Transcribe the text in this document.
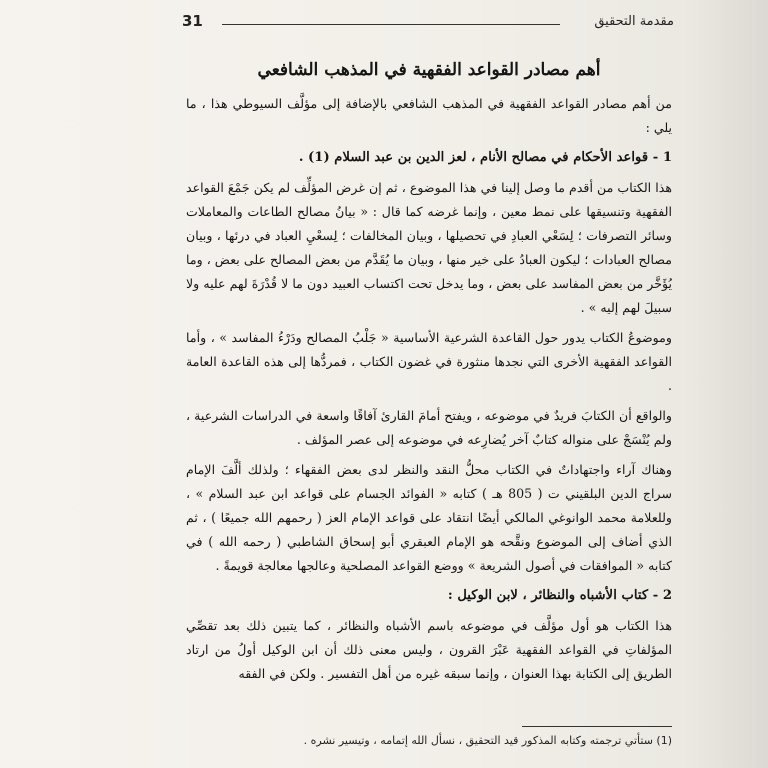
31	مقدمة التحقيق
أهم مصادر القواعد الفقهية في المذهب الشافعي

من أهم مصادر القواعد الفقهية في المذهب الشافعي بالإضافة إلى مؤلَّف السيوطي هذا ، ما يلي :

1 - قواعد الأحكام في مصالح الأنام ، لعز الدين بن عبد السلام (1) .

هذا الكتاب من أقدم ما وصل إلينا في هذا الموضوع ، ثم إن غرض المؤلِّف لم يكن جَمْعَ القواعد الفقهية وتنسيقها على نمط معين ، وإنما غرضه كما قال : « بيانُ مصالح الطاعات والمعاملات وسائر التصرفات ؛ لِسَعْي العبادِ في تحصيلها ، وبيان المخالفات ؛ لِسعْيِ العباد في درئها ، وبيان مصالح العبادات ؛ ليكون العبادُ على خير منها ، وبيان ما يُقَدَّم من بعض المصالح على بعض ، وما يُؤَخَّر من بعض المفاسد على بعض ، وما يدخل تحت اكتساب العبيد دون ما لا قُدْرَةَ لهم عليه ولا سبيلَ لهم إليه » .

وموضوعُ الكتاب يدور حول القاعدة الشرعية الأساسية « جَلْبُ المصالح ودَرْءُ المفاسد » ، وأما القواعد الفقهية الأخرى التي نجدها منثورة في غضون الكتاب ، فمردُّها إلى هذه القاعدة العامة .

والواقع أن الكتابَ فريدٌ في موضوعه ، ويفتح أمامَ القارئ آفاقًا واسعة في الدراسات الشرعية ، ولم يُنْسَجْ على منواله كتابٌ آخر يُضارِعه في موضوعه إلى عصر المؤلف .

وهناك آراء واجتهاداتٌ في الكتاب محلُّ النقد والنظر لدى بعض الفقهاء ؛ ولذلك ألَّفَ الإمام سراج الدين البلقيني ت ( 805 هـ ) كتابه « الفوائد الجسام على قواعد ابن عبد السلام » ، وللعلامة محمد الوانوغي المالكي أيضًا انتقاد على قواعد الإمام العز ( رحمهم الله جميعًا ) ، ثم الذي أضاف إلى الموضوع ونقَّحه هو الإمام العبقري أبو إسحاق الشاطبي ( رحمه الله ) في كتابه « الموافقات في أصول الشريعة » ووضع القواعد المصلحية وعالجها معالجة قويمةً .

2 - كتاب الأشباه والنظائر ، لابن الوكيل :

هذا الكتاب هو أول مؤلَّف في موضوعه باسم الأشباه والنظائر ، كما يتبين ذلك بعد تقصِّي المؤلفاتِ في القواعد الفقهية عَبْرَ القرون ، وليس معنى ذلك أن ابن الوكيل أولُ من ارتاد الطريق إلى الكتابة بهذا العنوان ، وإنما سبقه غيره من أهل التفسير . ولكن في الفقه

(1) ستأتي ترجمته وكتابه المذكور قيد التحقيق ، نسأل الله إتمامه ، وتيسير نشره .
